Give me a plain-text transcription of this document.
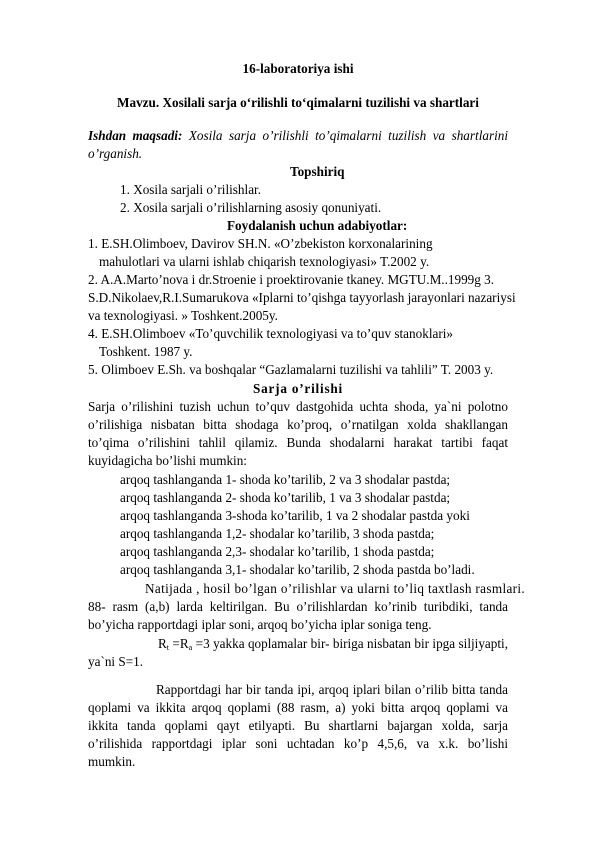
16-laboratoriya ishi
Mavzu. Xosilali sarja o‘rilishli to‘qimalarni tuzilishi va shartlari
Ishdan maqsadi: Xosila sarja o’rilishli to’qimalarni tuzilish va shartlarini
o’rganish.
Topshiriq
1. Xosila sarjali o’rilishlar.
2. Xosila sarjali o’rilishlarning asosiy qonuniyati.
Foydalanish uchun adabiyotlar:
1. E.SH.Olimboev, Davirov SH.N. «O’zbekiston korxonalarining
mahulotlari va ularni ishlab chiqarish texnologiyasi» T.2002 y.
2. A.A.Marto’nova i dr.Stroenie i proektirovanie tkaney. MGTU.M..1999g 3.
S.D.Nikolaev,R.I.Sumarukova «Iplarni to’qishga tayyorlash jarayonlari nazariysi
va texnologiyasi. » Toshkent.2005y.
4. E.SH.Olimboev «To’quvchilik texnologiyasi va to’quv stanoklari»
Toshkent. 1987 y.
5. Olimboev E.Sh. va boshqalar “Gazlamalarni tuzilishi va tahlili” T. 2003 y.
Sarja o’rilishi
Sarja o’rilishini tuzish uchun to’quv dastgohida uchta shoda, ya`ni polotno
o’rilishiga nisbatan bitta shodaga ko’proq, o’rnatilgan xolda shakllangan
to’qima o’rilishini tahlil qilamiz. Bunda shodalarni harakat tartibi faqat
kuyidagicha bo’lishi mumkin:
arqoq tashlanganda 1- shoda ko’tarilib, 2 va 3 shodalar pastda;
arqoq tashlanganda 2- shoda ko’tarilib, 1 va 3 shodalar pastda;
arqoq tashlanganda 3-shoda ko’tarilib, 1 va 2 shodalar pastda yoki
arqoq tashlanganda 1,2- shodalar ko’tarilib, 3 shoda pastda;
arqoq tashlanganda 2,3- shodalar ko’tarilib, 1 shoda pastda;
arqoq tashlanganda 3,1- shodalar ko’tarilib, 2 shoda pastda bo’ladi.
Natijada , hosil bo’lgan o’rilishlar va ularni to’liq taxtlash rasmlari.
88- rasm (a,b) larda keltirilgan. Bu o’rilishlardan ko’rinib turibdiki, tanda
bo’yicha rapportdagi iplar soni, arqoq bo’yicha iplar soniga teng.
$R_t =R_a =3$ yakka qoplamalar bir- biriga nisbatan bir ipga siljiyapti,
ya`ni S=1.
Rapportdagi har bir tanda ipi, arqoq iplari bilan o’rilib bitta tanda
qoplami va ikkita arqoq qoplami (88 rasm, a) yoki bitta arqoq qoplami va
ikkita tanda qoplami qayt etilyapti. Bu shartlarni bajargan xolda, sarja
o’rilishida rapportdagi iplar soni uchtadan ko’p 4,5,6, va x.k. bo’lishi
mumkin.
